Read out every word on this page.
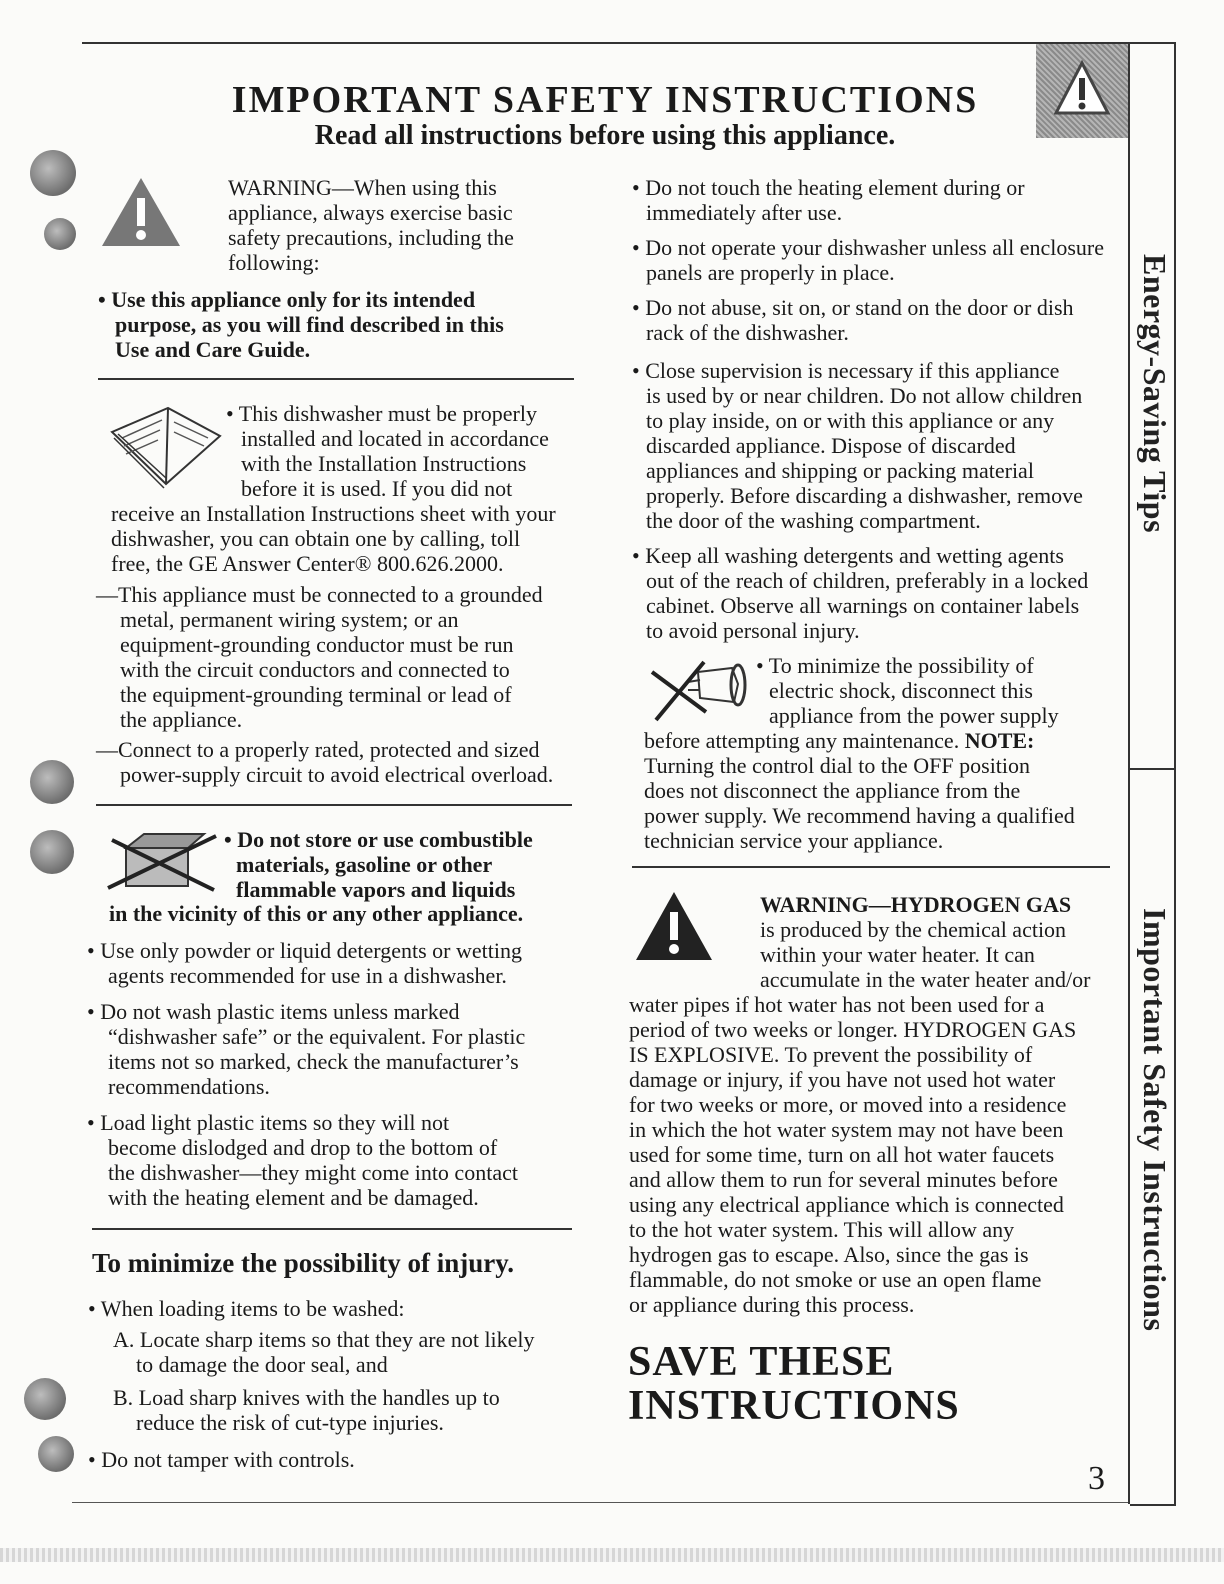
Energy-Saving Tips
Important Safety Instructions
IMPORTANT SAFETY INSTRUCTIONS
Read all instructions before using this appliance.
WARNING—When using this
appliance, always exercise basic
safety precautions, including the
following:
• Use this appliance only for its intended
purpose, as you will find described in this
Use and Care Guide.
• This dishwasher must be properly
installed and located in accordance
with the Installation Instructions
before it is used. If you did not
receive an Installation Instructions sheet with your
dishwasher, you can obtain one by calling, toll
free, the GE Answer Center® 800.626.2000.
—This appliance must be connected to a grounded
metal, permanent wiring system; or an
equipment-grounding conductor must be run
with the circuit conductors and connected to
the equipment-grounding terminal or lead of
the appliance.
—Connect to a properly rated, protected and sized
power-supply circuit to avoid electrical overload.
• Do not store or use combustible
materials, gasoline or other
flammable vapors and liquids
in the vicinity of this or any other appliance.
• Use only powder or liquid detergents or wetting
agents recommended for use in a dishwasher.
• Do not wash plastic items unless marked
“dishwasher safe” or the equivalent. For plastic
items not so marked, check the manufacturer’s
recommendations.
• Load light plastic items so they will not
become dislodged and drop to the bottom of
the dishwasher—they might come into contact
with the heating element and be damaged.
To minimize the possibility of injury.
• When loading items to be washed:
A. Locate sharp items so that they are not likely
to damage the door seal, and
B. Load sharp knives with the handles up to
reduce the risk of cut-type injuries.
• Do not tamper with controls.
• Do not touch the heating element during or
immediately after use.
• Do not operate your dishwasher unless all enclosure
panels are properly in place.
• Do not abuse, sit on, or stand on the door or dish
rack of the dishwasher.
• Close supervision is necessary if this appliance
is used by or near children. Do not allow children
to play inside, on or with this appliance or any
discarded appliance. Dispose of discarded
appliances and shipping or packing material
properly. Before discarding a dishwasher, remove
the door of the washing compartment.
• Keep all washing detergents and wetting agents
out of the reach of children, preferably in a locked
cabinet. Observe all warnings on container labels
to avoid personal injury.
• To minimize the possibility of
electric shock, disconnect this
appliance from the power supply
before attempting any maintenance. NOTE:
Turning the control dial to the OFF position
does not disconnect the appliance from the
power supply. We recommend having a qualified
technician service your appliance.
WARNING—HYDROGEN GAS
is produced by the chemical action
within your water heater. It can
accumulate in the water heater and/or
water pipes if hot water has not been used for a
period of two weeks or longer. HYDROGEN GAS
IS EXPLOSIVE. To prevent the possibility of
damage or injury, if you have not used hot water
for two weeks or more, or moved into a residence
in which the hot water system may not have been
used for some time, turn on all hot water faucets
and allow them to run for several minutes before
using any electrical appliance which is connected
to the hot water system. This will allow any
hydrogen gas to escape. Also, since the gas is
flammable, do not smoke or use an open flame
or appliance during this process.
SAVE THESE
INSTRUCTIONS
3
